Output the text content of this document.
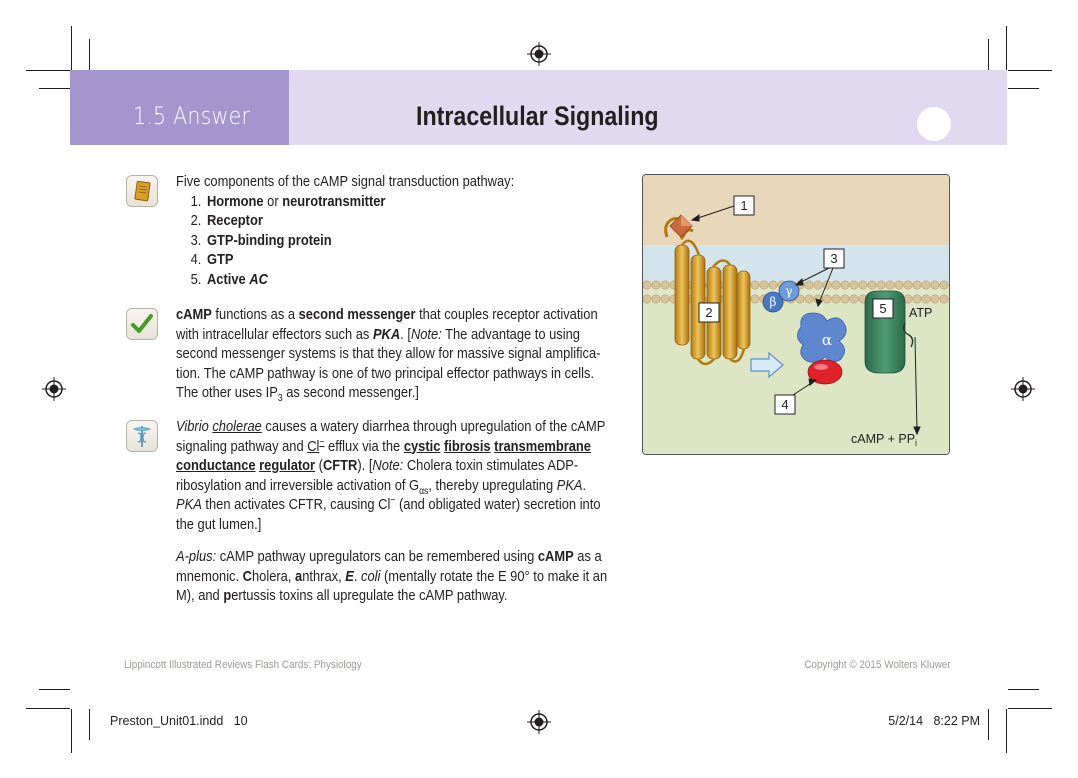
1.5 Answer	Intracellular Signaling
Five components of the cAMP signal transduction pathway:
1. Hormone or neurotransmitter
2. Receptor
3. GTP-binding protein
4. GTP
5. Active AC
cAMP functions as a second messenger that couples receptor activation
with intracellular effectors such as PKA. [Note: The advantage to using
second messenger systems is that they allow for massive signal amplifica-
tion. The cAMP pathway is one of two principal effector pathways in cells.
The other uses $IP_3$ as second messenger.]
Vibrio cholerae causes a watery diarrhea through upregulation of the cAMP
signaling pathway and Cl− efflux via the cystic fibrosis transmembrane
conductance regulator (CFTR). [Note: Cholera toxin stimulates ADP-
ribosylation and irreversible activation of $G_{\alpha s}$, thereby upregulating PKA.
PKA then activates CFTR, causing Cl− (and obligated water) secretion into
the gut lumen.]
A-plus: cAMP pathway upregulators can be remembered using cAMP as a
mnemonic. Cholera, anthrax, E. coli (mentally rotate the E 90° to make it an
M), and pertussis toxins all upregulate the cAMP pathway.
β
γ
α
1
2
3
4
5 ATP
cAMP + $PP_i$
Lippincott Illustrated Reviews Flash Cards: Physiology	Copyright © 2015 Wolters Kluwer
Preston_Unit01.indd   10	5/2/14   8:22 PM
